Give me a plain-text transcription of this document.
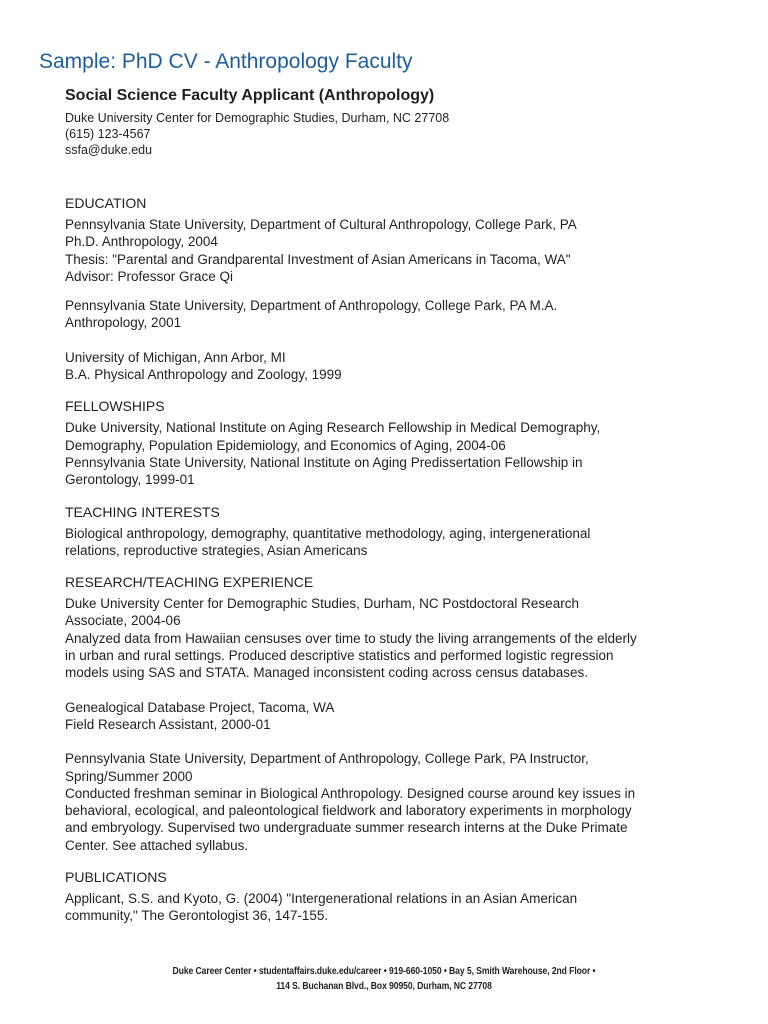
Sample: PhD CV - Anthropology Faculty
Social Science Faculty Applicant (Anthropology)
Duke University Center for Demographic Studies, Durham, NC 27708
(615) 123-4567
ssfa@duke.edu
EDUCATION
Pennsylvania State University, Department of Cultural Anthropology, College Park, PA
Ph.D. Anthropology, 2004
Thesis: "Parental and Grandparental Investment of Asian Americans in Tacoma, WA"
Advisor: Professor Grace Qi
Pennsylvania State University, Department of Anthropology, College Park, PA M.A.
Anthropology, 2001
University of Michigan, Ann Arbor, MI
B.A. Physical Anthropology and Zoology, 1999
FELLOWSHIPS
Duke University, National Institute on Aging Research Fellowship in Medical Demography,
Demography, Population Epidemiology, and Economics of Aging, 2004-06
Pennsylvania State University, National Institute on Aging Predissertation Fellowship in
Gerontology, 1999-01
TEACHING INTERESTS
Biological anthropology, demography, quantitative methodology, aging, intergenerational
relations, reproductive strategies, Asian Americans
RESEARCH/TEACHING EXPERIENCE
Duke University Center for Demographic Studies, Durham, NC Postdoctoral Research
Associate, 2004-06
Analyzed data from Hawaiian censuses over time to study the living arrangements of the elderly
in urban and rural settings. Produced descriptive statistics and performed logistic regression
models using SAS and STATA. Managed inconsistent coding across census databases.
Genealogical Database Project, Tacoma, WA
Field Research Assistant, 2000-01
Pennsylvania State University, Department of Anthropology, College Park, PA Instructor,
Spring/Summer 2000
Conducted freshman seminar in Biological Anthropology. Designed course around key issues in
behavioral, ecological, and paleontological fieldwork and laboratory experiments in morphology
and embryology. Supervised two undergraduate summer research interns at the Duke Primate
Center. See attached syllabus.
PUBLICATIONS
Applicant, S.S. and Kyoto, G. (2004) "Intergenerational relations in an Asian American
community," The Gerontologist 36, 147-155.
Duke Career Center • studentaffairs.duke.edu/career • 919-660-1050 • Bay 5, Smith Warehouse, 2nd Floor •
114 S. Buchanan Blvd., Box 90950, Durham, NC 27708
